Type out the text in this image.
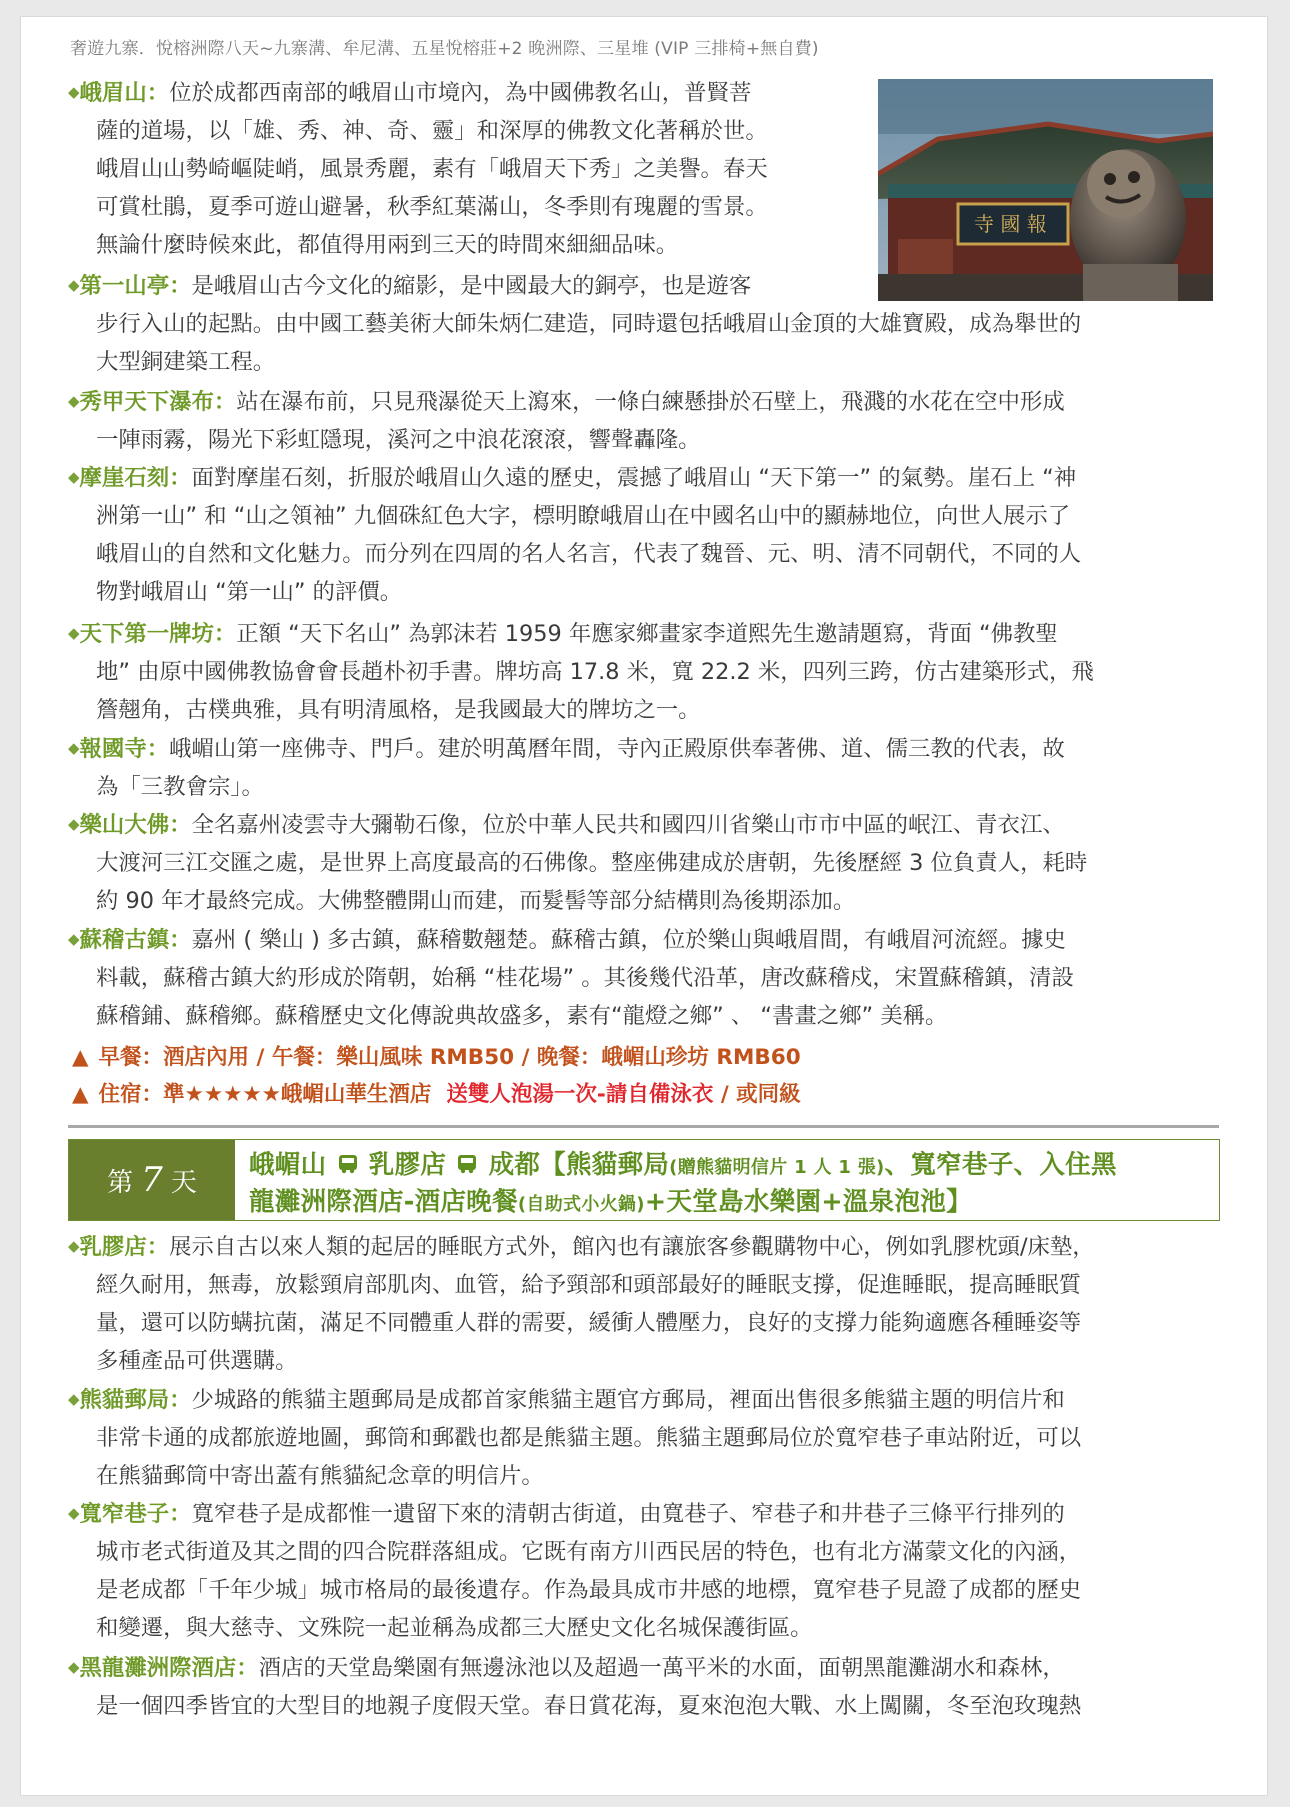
奢遊九寨．悅榕洲際八天~九寨溝、牟尼溝、五星悅榕莊+2 晚洲際、三星堆 (VIP 三排椅+無自費)
寺 國 報
◆峨眉山：位於成都西南部的峨眉山市境內，為中國佛教名山，普賢菩
薩的道場，以「雄、秀、神、奇、靈」和深厚的佛教文化著稱於世。
峨眉山山勢崎嶇陡峭，風景秀麗，素有「峨眉天下秀」之美譽。春天
可賞杜鵑，夏季可遊山避暑，秋季紅葉滿山，冬季則有瑰麗的雪景。
無論什麼時候來此，都值得用兩到三天的時間來細細品味。
◆第一山亭：是峨眉山古今文化的縮影，是中國最大的銅亭，也是遊客
步行入山的起點。由中國工藝美術大師朱炳仁建造，同時還包括峨眉山金頂的大雄寶殿，成為舉世的
大型銅建築工程。
◆秀甲天下瀑布：站在瀑布前，只見飛瀑從天上瀉來，一條白練懸掛於石壁上，飛濺的水花在空中形成
一陣雨霧，陽光下彩虹隱現，溪河之中浪花滾滾，響聲轟隆。
◆摩崖石刻：面對摩崖石刻，折服於峨眉山久遠的歷史，震撼了峨眉山 “天下第一” 的氣勢。崖石上 “神
洲第一山” 和 “山之領袖” 九個硃紅色大字，標明瞭峨眉山在中國名山中的顯赫地位，向世人展示了
峨眉山的自然和文化魅力。而分列在四周的名人名言，代表了魏晉、元、明、清不同朝代，不同的人
物對峨眉山 “第一山” 的評價。
◆天下第一牌坊：正額 “天下名山” 為郭沫若 1959 年應家鄉畫家李道熙先生邀請題寫，背面 “佛教聖
地” 由原中國佛教協會會長趙朴初手書。牌坊高 17.8 米，寬 22.2 米，四列三跨，仿古建築形式，飛
簷翹角，古樸典雅，具有明清風格，是我國最大的牌坊之一。
◆報國寺：峨嵋山第一座佛寺、門戶。建於明萬曆年間，寺內正殿原供奉著佛、道、儒三教的代表，故
為「三教會宗」。
◆樂山大佛：全名嘉州凌雲寺大彌勒石像，位於中華人民共和國四川省樂山市市中區的岷江、青衣江、
大渡河三江交匯之處，是世界上高度最高的石佛像。整座佛建成於唐朝，先後歷經 3 位負責人，耗時
約 90 年才最終完成。大佛整體開山而建，而髮髻等部分結構則為後期添加。
◆蘇稽古鎮：嘉州 ( 樂山 ) 多古鎮，蘇稽數翹楚。蘇稽古鎮，位於樂山與峨眉間，有峨眉河流經。據史
料載，蘇稽古鎮大約形成於隋朝，始稱 “桂花場” 。其後幾代沿革，唐改蘇稽戍，宋置蘇稽鎮，清設
蘇稽鋪、蘇稽鄉。蘇稽歷史文化傳說典故盛多，素有“龍燈之鄉” 、 “書畫之鄉” 美稱。
▲ 早餐：酒店內用 / 午餐：樂山風味 RMB50 / 晚餐：峨嵋山珍坊 RMB60
▲ 住宿：準★★★★★峨嵋山華生酒店 送雙人泡湯一次-請自備泳衣 / 或同級
第 7 天
峨嵋山 乳膠店 成都【熊貓郵局(贈熊貓明信片 1 人 1 張)、寬窄巷子、入住黑
龍灘洲際酒店-酒店晚餐(自助式小火鍋)+天堂島水樂園+溫泉泡池】
◆乳膠店：展示自古以來人類的起居的睡眠方式外，館內也有讓旅客參觀購物中心，例如乳膠枕頭/床墊，
經久耐用，無毒，放鬆頸肩部肌肉、血管，給予頸部和頭部最好的睡眠支撐，促進睡眠，提高睡眠質
量，還可以防螨抗菌，滿足不同體重人群的需要，緩衝人體壓力，良好的支撐力能夠適應各種睡姿等
多種產品可供選購。
◆熊貓郵局：少城路的熊貓主題郵局是成都首家熊貓主題官方郵局，裡面出售很多熊貓主題的明信片和
非常卡通的成都旅遊地圖，郵筒和郵戳也都是熊貓主題。熊貓主題郵局位於寬窄巷子車站附近，可以
在熊貓郵筒中寄出蓋有熊貓紀念章的明信片。
◆寬窄巷子：寬窄巷子是成都惟一遺留下來的清朝古街道，由寬巷子、窄巷子和井巷子三條平行排列的
城市老式街道及其之間的四合院群落組成。它既有南方川西民居的特色，也有北方滿蒙文化的內涵，
是老成都「千年少城」城市格局的最後遺存。作為最具成市井感的地標，寬窄巷子見證了成都的歷史
和變遷，與大慈寺、文殊院一起並稱為成都三大歷史文化名城保護街區。
◆黑龍灘洲際酒店：酒店的天堂島樂園有無邊泳池以及超過一萬平米的水面，面朝黑龍灘湖水和森林，
是一個四季皆宜的大型目的地親子度假天堂。春日賞花海，夏來泡泡大戰、水上闖關，冬至泡玫瑰熱
